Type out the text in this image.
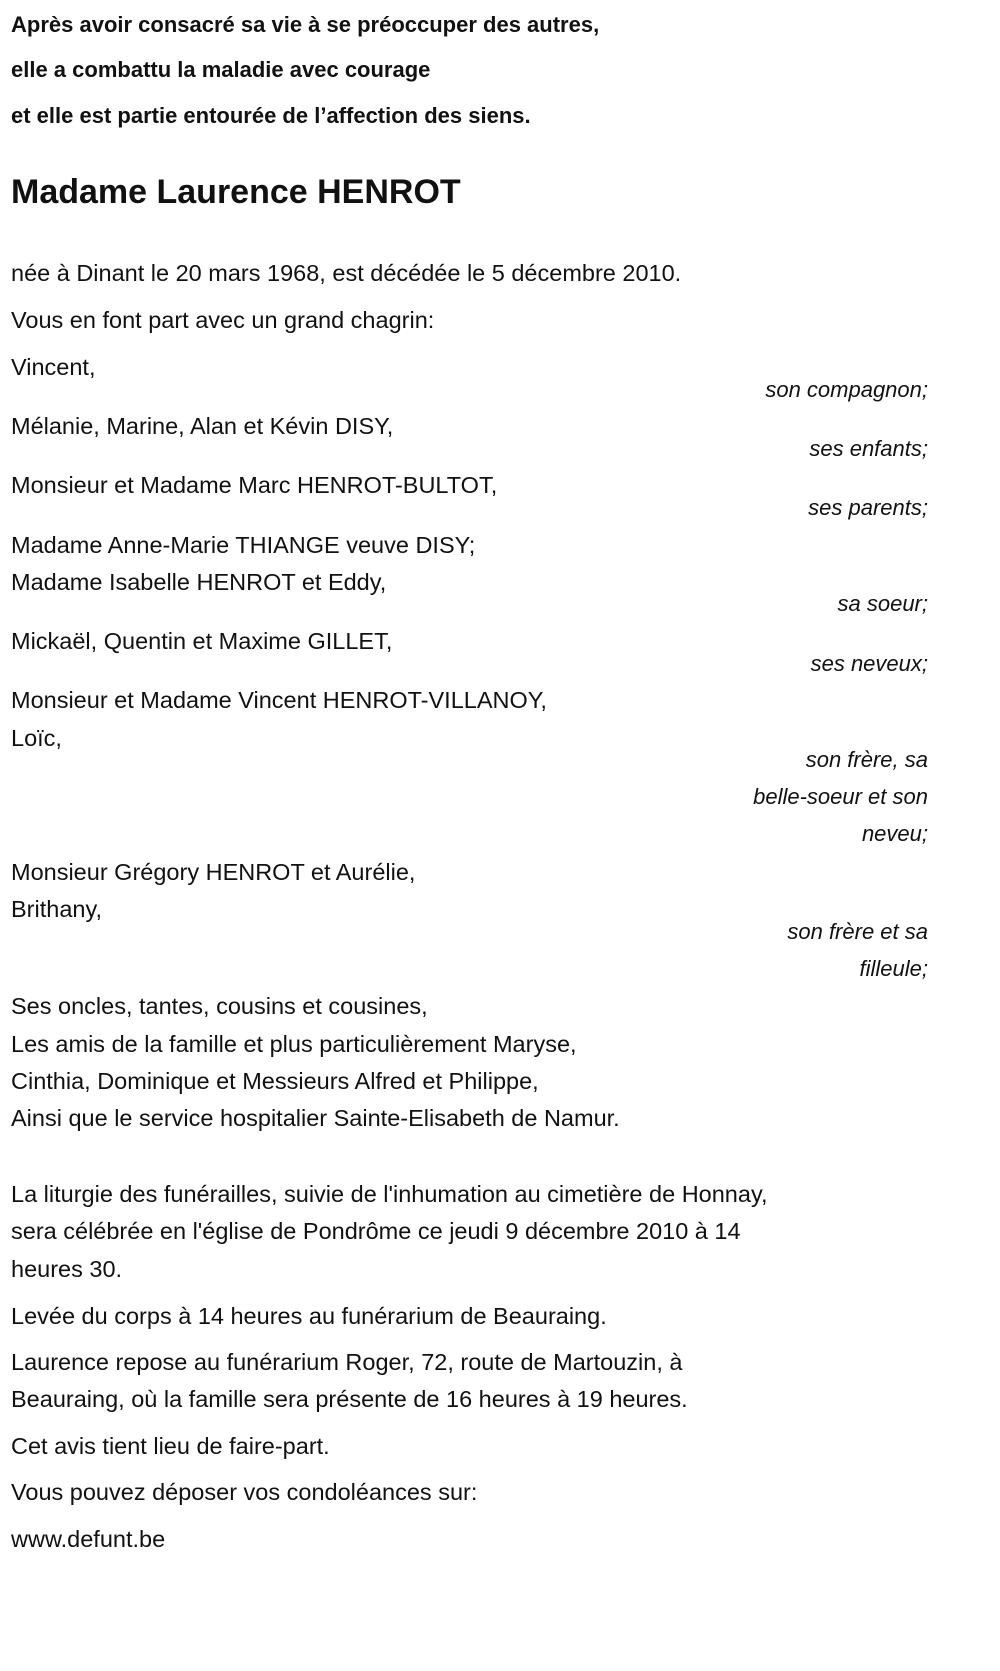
Après avoir consacré sa vie à se préoccuper des autres,
elle a combattu la maladie avec courage
et elle est partie entourée de l’affection des siens.
Madame Laurence HENROT
née à Dinant le 20 mars 1968, est décédée le 5 décembre 2010.
Vous en font part avec un grand chagrin:
Vincent,
son compagnon;
Mélanie, Marine, Alan et Kévin DISY,
ses enfants;
Monsieur et Madame Marc HENROT-BULTOT,
ses parents;
Madame Anne-Marie THIANGE veuve DISY;
Madame Isabelle HENROT et Eddy,
sa soeur;
Mickaël, Quentin et Maxime GILLET,
ses neveux;
Monsieur et Madame Vincent HENROT-VILLANOY,
Loïc,
son frère, sa
belle-soeur et son
neveu;
Monsieur Grégory HENROT et Aurélie,
Brithany,
son frère et sa
filleule;
Ses oncles, tantes, cousins et cousines,
Les amis de la famille et plus particulièrement Maryse,
Cinthia, Dominique et Messieurs Alfred et Philippe,
Ainsi que le service hospitalier Sainte-Elisabeth de Namur.
La liturgie des funérailles, suivie de l'inhumation au cimetière de Honnay,
sera célébrée en l'église de Pondrôme ce jeudi 9 décembre 2010 à 14
heures 30.
Levée du corps à 14 heures au funérarium de Beauraing.
Laurence repose au funérarium Roger, 72, route de Martouzin, à
Beauraing, où la famille sera présente de 16 heures à 19 heures.
Cet avis tient lieu de faire-part.
Vous pouvez déposer vos condoléances sur:
www.defunt.be
